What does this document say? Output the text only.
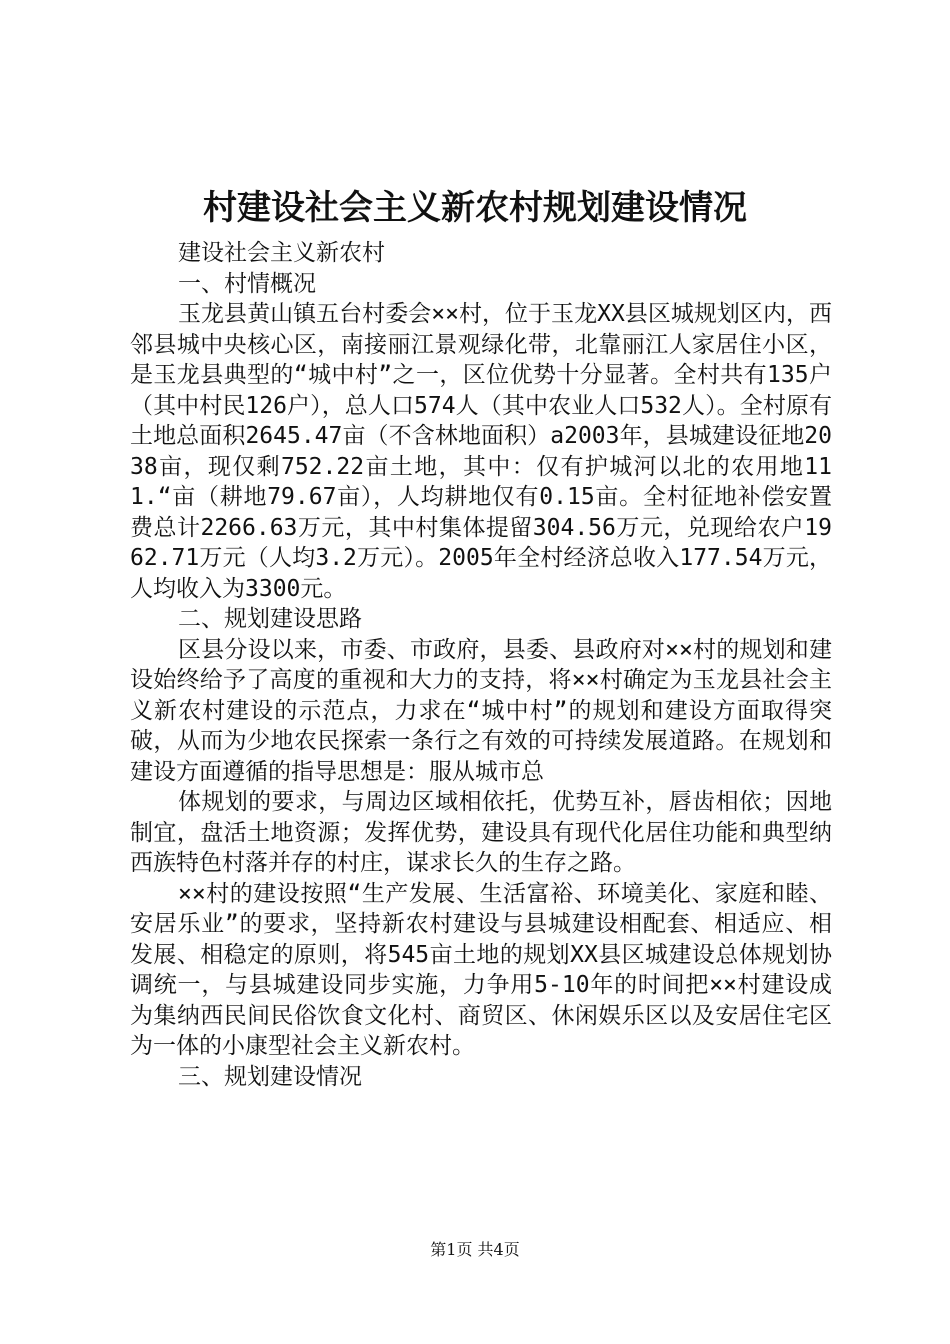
村建设社会主义新农村规划建设情况

建设社会主义新农村

一、村情概况

玉龙县黄山镇五台村委会××村，位于玉龙XX县区城规划区内，西邻县城中央核心区，南接丽江景观绿化带，北靠丽江人家居住小区，是玉龙县典型的“城中村”之一，区位优势十分显著。全村共有135户（其中村民126户），总人口574人（其中农业人口532人）。全村原有土地总面积2645.47亩（不含林地面积）a2003年，县城建设征地2038亩，现仅剩752.22亩土地，其中：仅有护城河以北的农用地111.“亩（耕地79.67亩），人均耕地仅有0.15亩。全村征地补偿安置费总计2266.63万元，其中村集体提留304.56万元，兑现给农户1962.71万元（人均3.2万元）。2005年全村经济总收入177.54万元，人均收入为3300元。

二、规划建设思路

区县分设以来，市委、市政府，县委、县政府对××村的规划和建设始终给予了高度的重视和大力的支持，将××村确定为玉龙县社会主义新农村建设的示范点，力求在“城中村”的规划和建设方面取得突破，从而为少地农民探索一条行之有效的可持续发展道路。在规划和建设方面遵循的指导思想是：服从城市总

体规划的要求，与周边区域相依托，优势互补，唇齿相依；因地制宜，盘活土地资源；发挥优势，建设具有现代化居住功能和典型纳西族特色村落并存的村庄，谋求长久的生存之路。

××村的建设按照“生产发展、生活富裕、环境美化、家庭和睦、安居乐业”的要求，坚持新农村建设与县城建设相配套、相适应、相发展、相稳定的原则，将545亩土地的规划XX县区城建设总体规划协调统一，与县城建设同步实施，力争用5-10年的时间把××村建设成为集纳西民间民俗饮食文化村、商贸区、休闲娱乐区以及安居住宅区为一体的小康型社会主义新农村。

三、规划建设情况

第1页 共4页
